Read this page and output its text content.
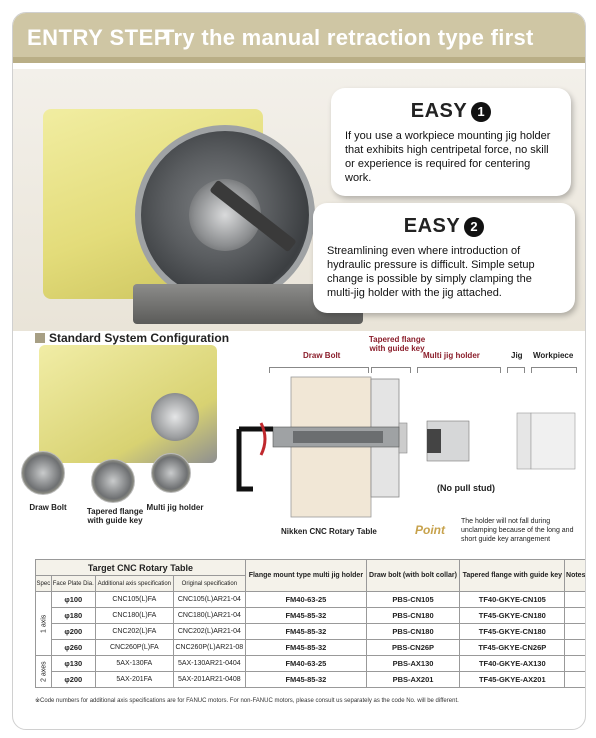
ENTRY STEP
Try the manual retraction type first
EASY 1

If you use a workpiece mounting jig holder that exhibits high centripetal force, no skill or experience is required for centering work.

EASY 2

Streamlining even where introduction of hydraulic pressure is difficult. Simple setup change is possible by simply clamping the multi-jig holder with the jig attached.

Standard System Configuration
Draw Bolt	Tapered flange with guide key
Multi jig holder
Draw Bolt
Tapered flange with guide key
Multi jig holder	Jig Workpiece
(No pull stud)
Nikken CNC Rotary Table	Point
The holder will not fall during unclamping because of the long and short guide key arrangement
Target CNC Rotary Table				Flange mount type multi jig holder	Draw bolt (with bolt collar)	Tapered flange with guide key	Notes
Spec	Face Plate Dia.	Additional axis specification	Original specification				
1 axis	φ100	CNC105(L)FA	CNC105(L)AR21-04	FM40-63-25	PBS-CN105	TF40-GKYE-CN105	
	φ180	CNC180(L)FA	CNC180(L)AR21-04	FM45-85-32	PBS-CN180	TF45-GKYE-CN180	
	φ200	CNC202(L)FA	CNC202(L)AR21-04	FM45-85-32	PBS-CN180	TF45-GKYE-CN180	
	φ260	CNC260P(L)FA	CNC260P(L)AR21-08	FM45-85-32	PBS-CN26P	TF45-GKYE-CN26P	
2 axes	φ130	5AX-130FA	5AX-130AR21-0404	FM40-63-25	PBS-AX130	TF40-GKYE-AX130	
	φ200	5AX-201FA	5AX-201AR21-0408	FM45-85-32	PBS-AX201	TF45-GKYE-AX201	
※Code numbers for additional axis specifications are for FANUC motors. For non-FANUC motors, please consult us separately as the code No. will be different.
